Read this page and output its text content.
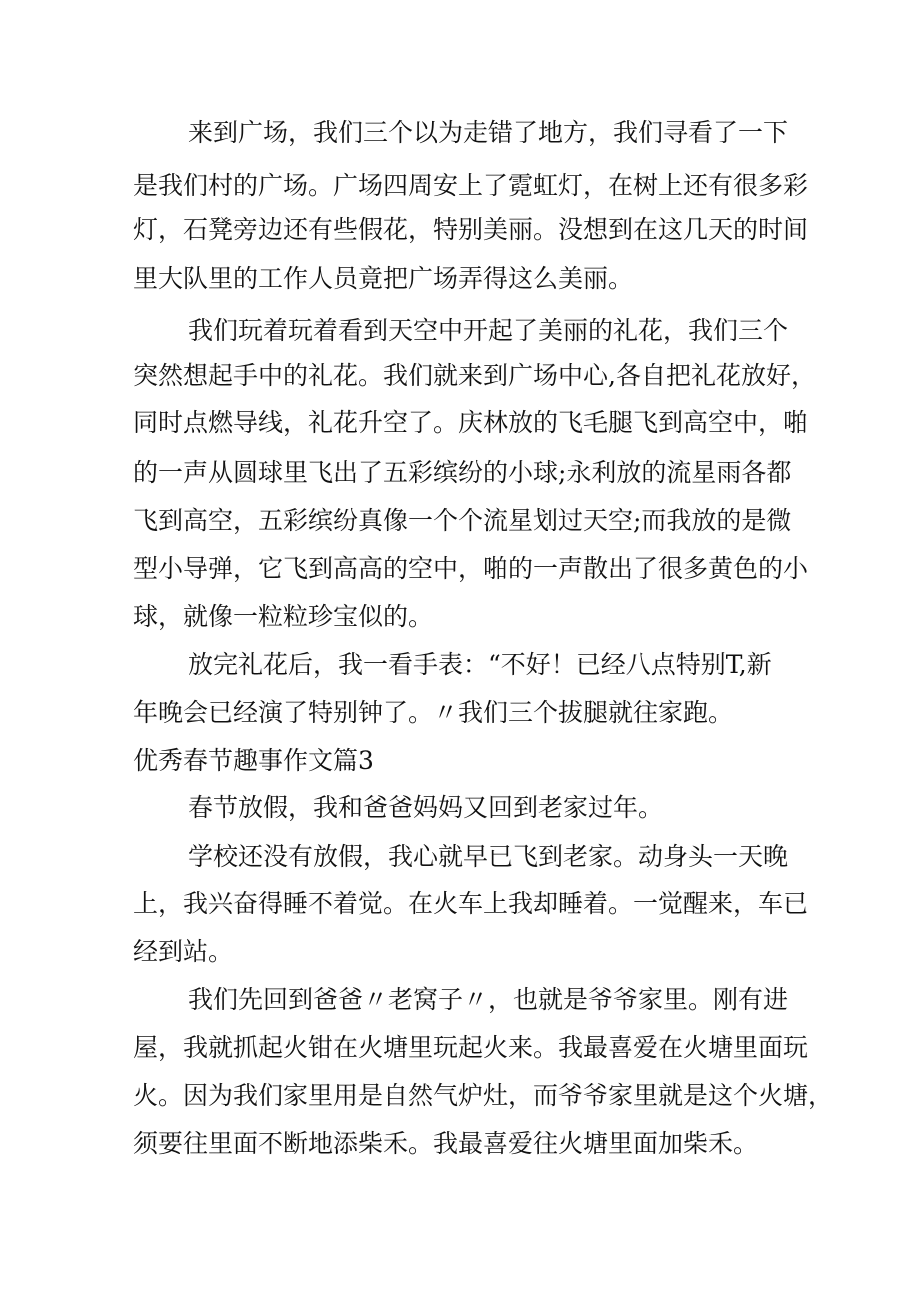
来到广场，我们三个以为走错了地方，我们寻看了一下
是我们村的广场。广场四周安上了霓虹灯，在树上还有很多彩
灯，石凳旁边还有些假花，特别美丽。没想到在这几天的时间
里大队里的工作人员竟把广场弄得这么美丽。
我们玩着玩着看到天空中开起了美丽的礼花，我们三个
突然想起手中的礼花。我们就来到广场中心,各自把礼花放好，
同时点燃导线，礼花升空了。庆林放的飞毛腿飞到高空中，啪
的一声从圆球里飞出了五彩缤纷的小球;永利放的流星雨各都
飞到高空，五彩缤纷真像一个个流星划过天空;而我放的是微
型小导弹，它飞到高高的空中，啪的一声散出了很多黄色的小
球，就像一粒粒珍宝似的。
放完礼花后，我一看手表：“不好！已经八点特别T,新
年晚会已经演了特别钟了。〃我们三个拔腿就往家跑。
优秀春节趣事作文篇3
春节放假，我和爸爸妈妈又回到老家过年。
学校还没有放假，我心就早已飞到老家。动身头一天晚
上，我兴奋得睡不着觉。在火车上我却睡着。一觉醒来，车已
经到站。
我们先回到爸爸〃老窝子〃，也就是爷爷家里。刚有进
屋，我就抓起火钳在火塘里玩起火来。我最喜爱在火塘里面玩
火。因为我们家里用是自然气炉灶，而爷爷家里就是这个火塘，
须要往里面不断地添柴禾。我最喜爱往火塘里面加柴禾。
